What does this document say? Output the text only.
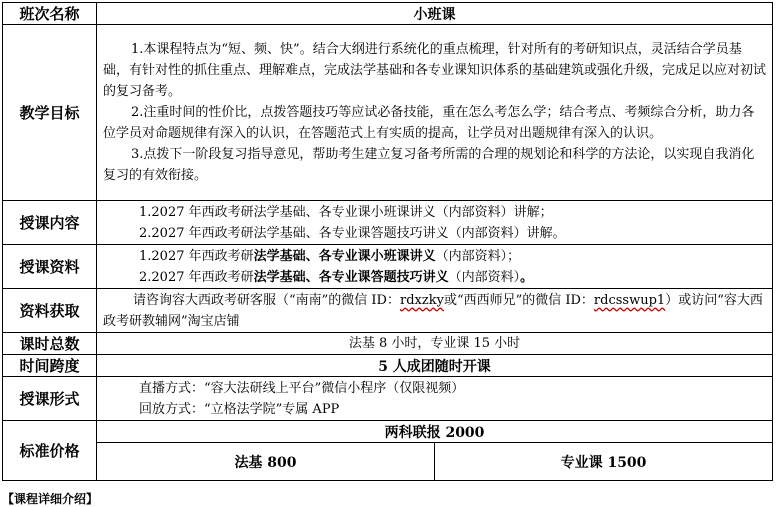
班次名称	小班课	
教学目标	1.本课程特点为“短、频、快”。结合大纲进行系统化的重点梳理，针对所有的考研知识点，灵活结合学员基础，有针对性的抓住重点、理解难点，完成法学基础和各专业课知识体系的基础建筑或强化升级，完成足以应对初试的复习备考。
2.注重时间的性价比，点拨答题技巧等应试必备技能，重在怎么考怎么学；结合考点、考频综合分析，助力各位学员对命题规律有深入的认识，在答题范式上有实质的提高，让学员对出题规律有深入的认识。
3.点拨下一阶段复习指导意见，帮助考生建立复习备考所需的合理的规划论和科学的方法论，以实现自我消化复习的有效衔接。	

授课内容	1.2027 年西政考研法学基础、各专业课小班课讲义（内部资料）讲解；
2.2027 年西政考研法学基础、各专业课答题技巧讲义（内部资料）讲解。	

授课资料	1.2027 年西政考研法学基础、各专业课小班课讲义（内部资料）；
2.2027 年西政考研法学基础、各专业课答题技巧讲义（内部资料）。	

资料获取	请咨询容大西政考研客服（“南南”的微信 ID：rdxzky或“西西师兄”的微信 ID：rdcsswup1）或访问“容大西政考研教辅网”淘宝店铺	
课时总数	法基 8 小时，专业课 15 小时	
时间跨度	5 人成团随时开课	
授课形式	直播方式：“容大法研线上平台”微信小程序（仅限视频）
回放方式：“立格法学院”专属 APP	

标准价格	两科联报 2000	
	法基 800	专业课 1500
【课程详细介绍】
